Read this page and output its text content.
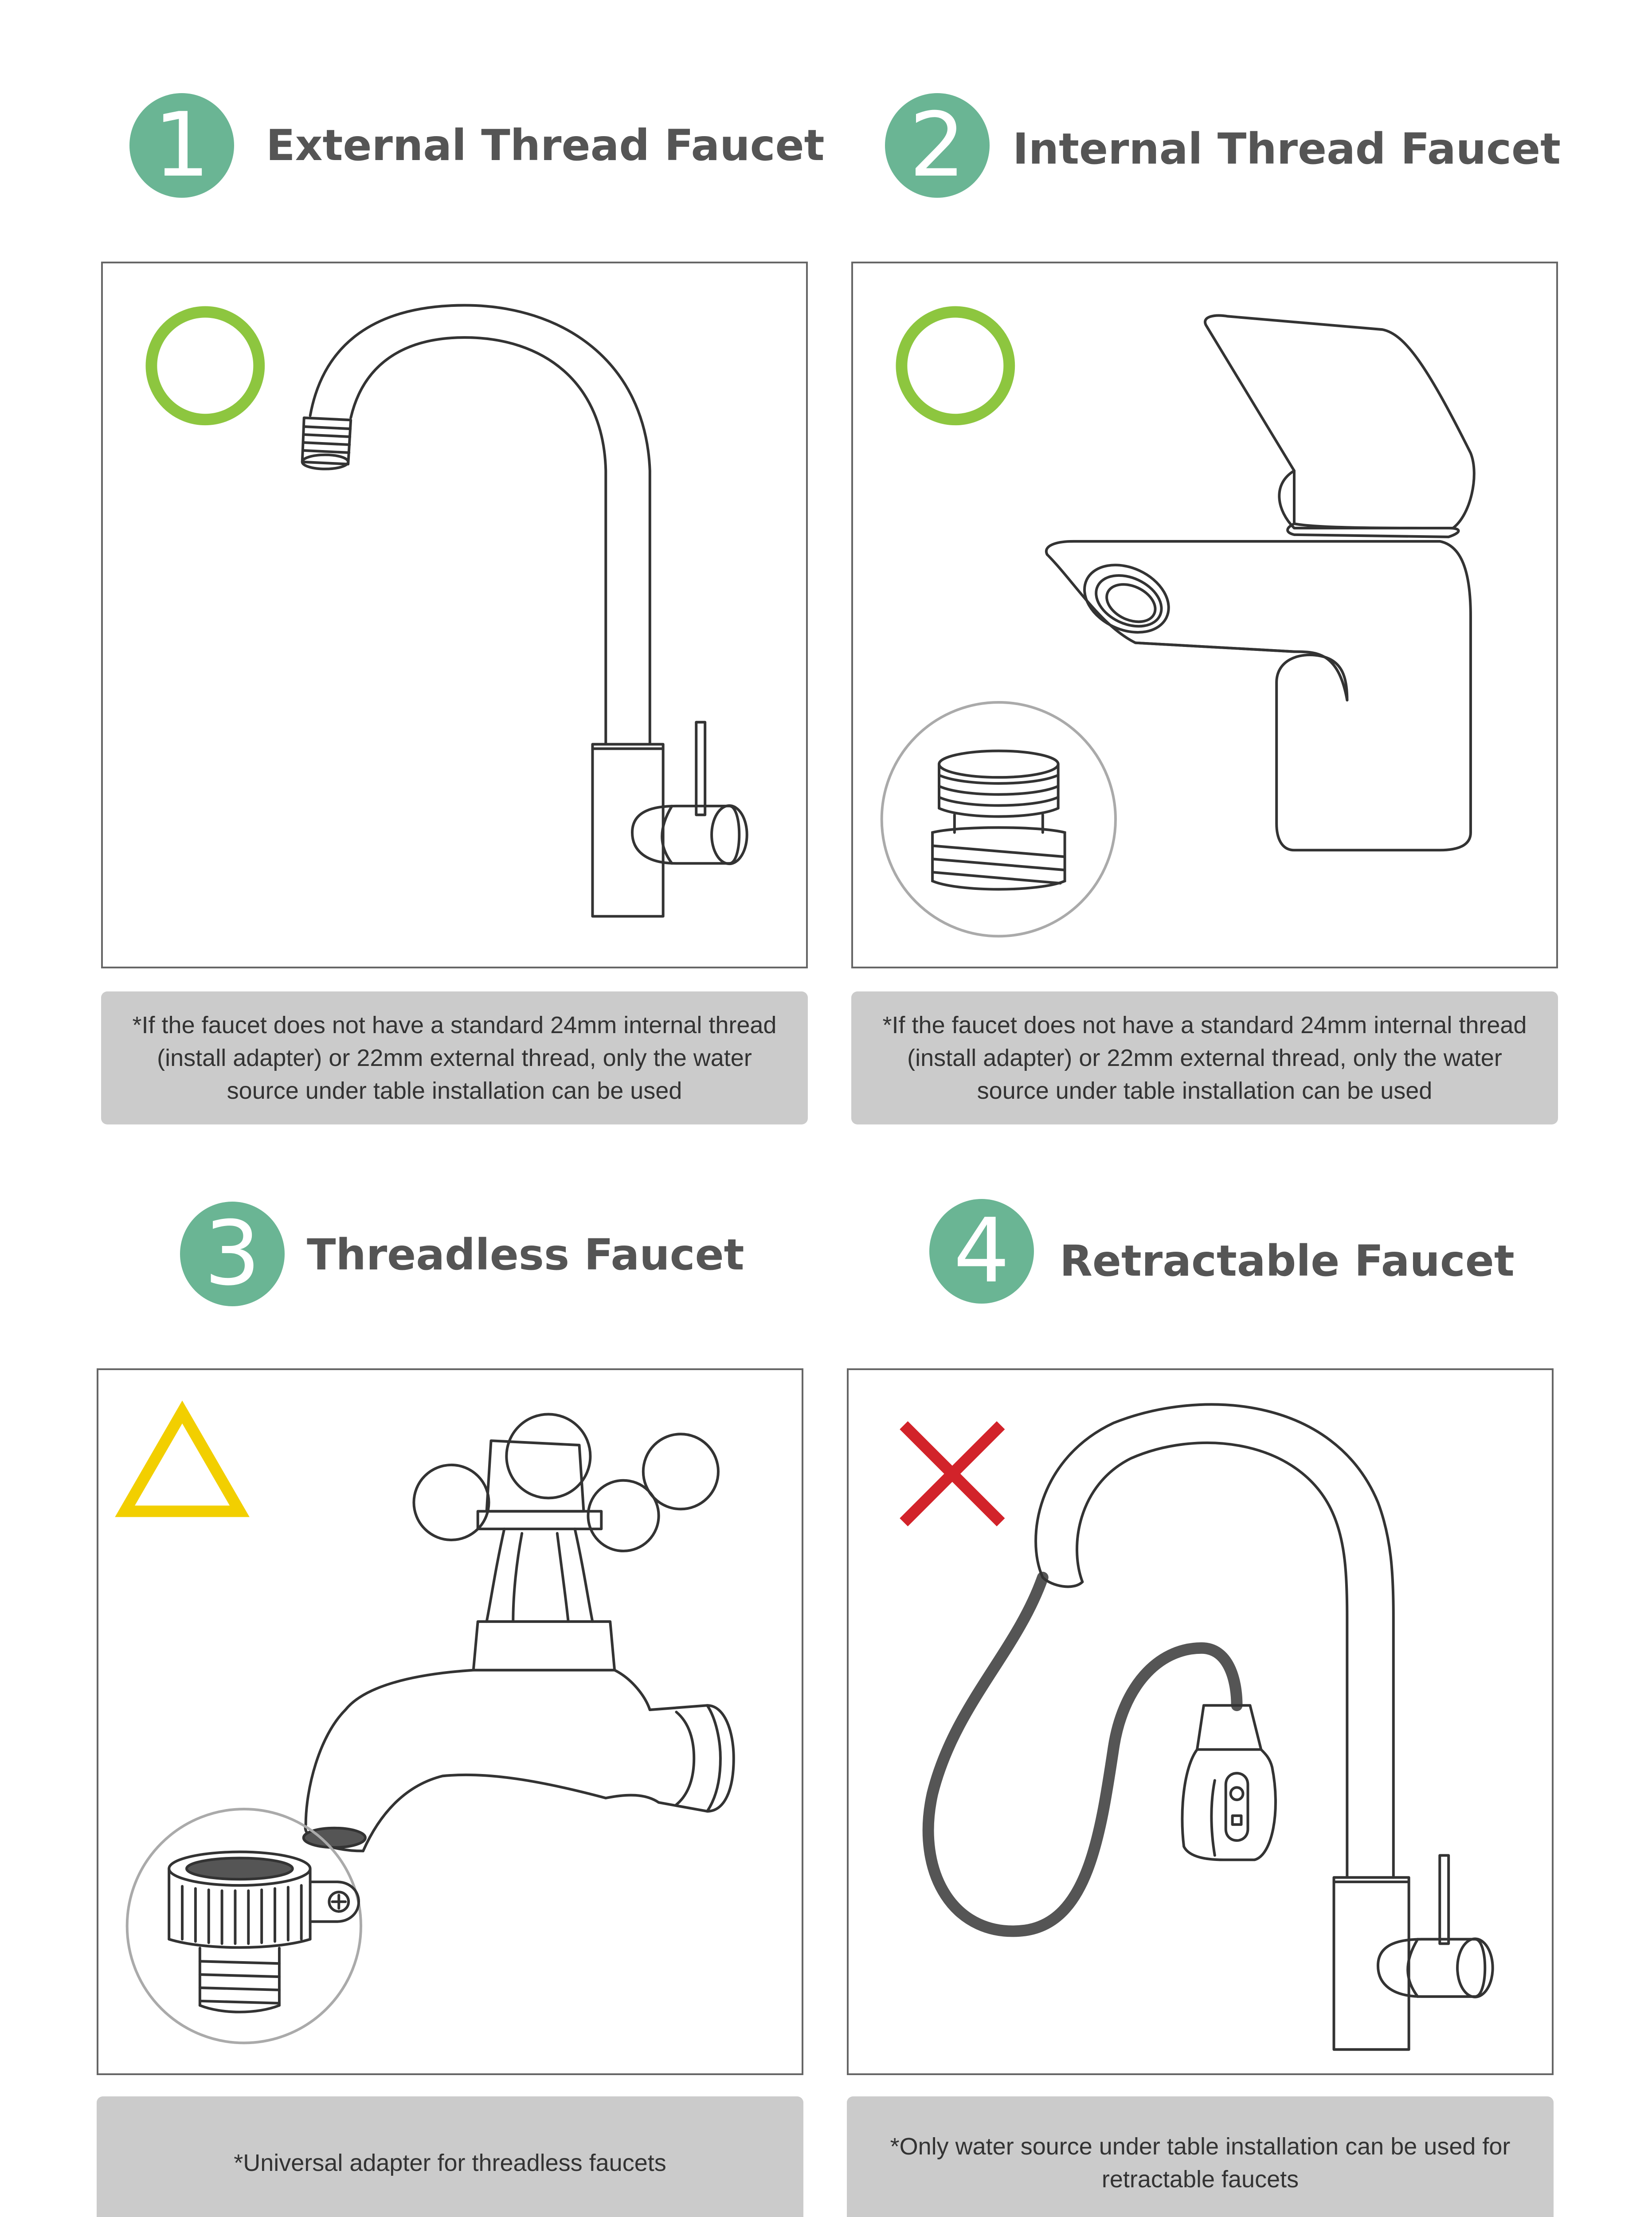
1	External Thread Faucet
*If the faucet does not have a standard 24mm internal thread (install adapter) or 22mm external thread, only the water source under table installation can be used
2	Internal Thread Faucet
*If the faucet does not have a standard 24mm internal thread (install adapter) or 22mm external thread, only the water source under table installation can be used
3	Threadless Faucet
*Universal adapter for threadless faucets
4	Retractable Faucet
*Only water source under table installation can be used for retractable faucets
